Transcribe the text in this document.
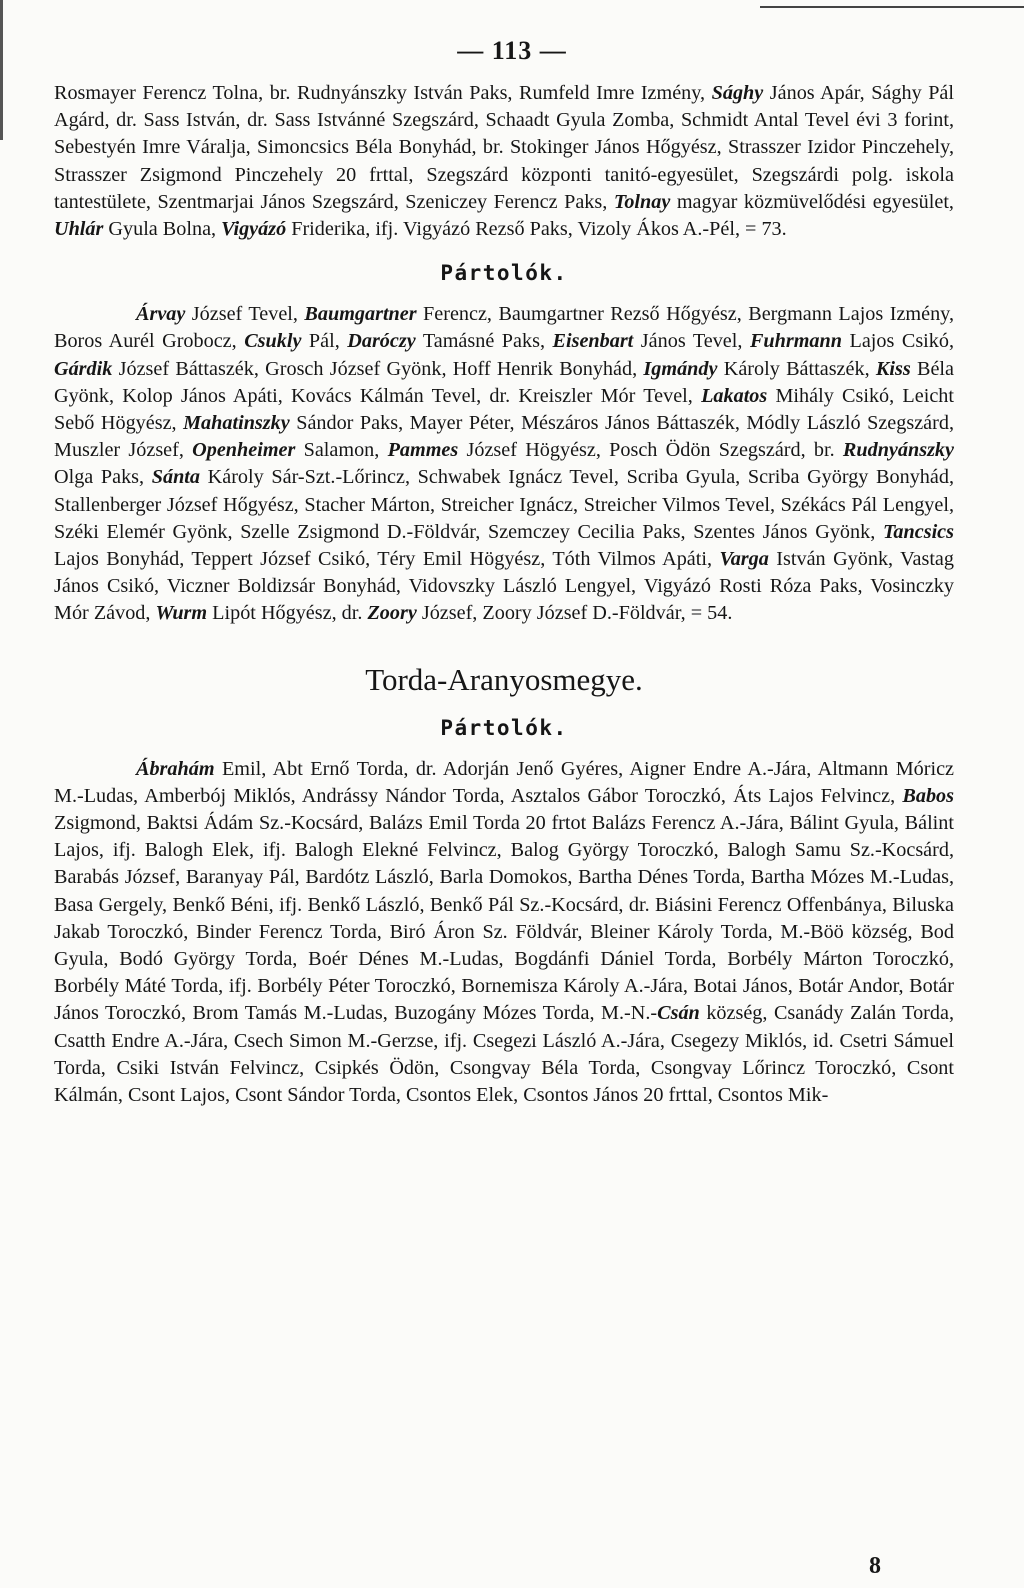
— 113 —

Rosmayer Ferencz Tolna, br. Rudnyánszky István Paks, Rumfeld Imre Izmény, Sághy János Apár, Sághy Pál Agárd, dr. Sass István, dr. Sass Istvánné Szegszárd, Schaadt Gyula Zomba, Schmidt Antal Tevel évi 3 forint, Sebestyén Imre Váralja, Simoncsics Béla Bonyhád, br. Stokinger János Hőgyész, Strasszer Izidor Pinczehely, Strasszer Zsigmond Pinczehely 20 frttal, Szegszárd központi tanitó-egyesület, Szegszárdi polg. iskola tantestülete, Szentmarjai János Szegszárd, Szeniczey Ferencz Paks, Tolnay magyar közmüvelődési egyesület, Uhlár Gyula Bolna, Vigyázó Friderika, ifj. Vigyázó Rezső Paks, Vizoly Ákos A.-Pél, = 73.

Pártolók.

Árvay József Tevel, Baumgartner Ferencz, Baumgartner Rezső Hőgyész, Bergmann Lajos Izmény, Boros Aurél Grobocz, Csukly Pál, Daróczy Tamásné Paks, Eisenbart János Tevel, Fuhrmann Lajos Csikó, Gárdik József Báttaszék, Grosch József Gyönk, Hoff Henrik Bonyhád, Igmándy Károly Báttaszék, Kiss Béla Gyönk, Kolop János Apáti, Kovács Kálmán Tevel, dr. Kreiszler Mór Tevel, Lakatos Mihály Csikó, Leicht Sebő Högyész, Mahatinszky Sándor Paks, Mayer Péter, Mészáros János Báttaszék, Módly László Szegszárd, Muszler József, Openheimer Salamon, Pammes József Högyész, Posch Ödön Szegszárd, br. Rudnyánszky Olga Paks, Sánta Károly Sár-Szt.-Lőrincz, Schwabek Ignácz Tevel, Scriba Gyula, Scriba György Bonyhád, Stallenberger József Hőgyész, Stacher Márton, Streicher Ignácz, Streicher Vilmos Tevel, Székács Pál Lengyel, Széki Elemér Gyönk, Szelle Zsigmond D.-Földvár, Szemczey Cecilia Paks, Szentes János Gyönk, Tancsics Lajos Bonyhád, Teppert József Csikó, Téry Emil Högyész, Tóth Vilmos Apáti, Varga István Gyönk, Vastag János Csikó, Viczner Boldizsár Bonyhád, Vidovszky László Lengyel, Vigyázó Rosti Róza Paks, Vosinczky Mór Závod, Wurm Lipót Hőgyész, dr. Zoory József, Zoory József D.-Földvár, = 54.

Torda-Aranyosmegye.
Pártolók.

Ábrahám Emil, Abt Ernő Torda, dr. Adorján Jenő Gyéres, Aigner Endre A.-Jára, Altmann Móricz M.-Ludas, Amberbój Miklós, Andrássy Nándor Torda, Asztalos Gábor Toroczkó, Áts Lajos Felvincz, Babos Zsigmond, Baktsi Ádám Sz.-Kocsárd, Balázs Emil Torda 20 frtot Balázs Ferencz A.-Jára, Bálint Gyula, Bálint Lajos, ifj. Balogh Elek, ifj. Balogh Elekné Felvincz, Balog György Toroczkó, Balogh Samu Sz.-Kocsárd, Barabás József, Baranyay Pál, Bardótz László, Barla Domokos, Bartha Dénes Torda, Bartha Mózes M.-Ludas, Basa Gergely, Benkő Béni, ifj. Benkő László, Benkő Pál Sz.-Kocsárd, dr. Biásini Ferencz Offenbánya, Biluska Jakab Toroczkó, Binder Ferencz Torda, Biró Áron Sz. Földvár, Bleiner Károly Torda, M.-Böö község, Bod Gyula, Bodó György Torda, Boér Dénes M.-Ludas, Bogdánfi Dániel Torda, Borbély Márton Toroczkó, Borbély Máté Torda, ifj. Borbély Péter Toroczkó, Bornemisza Károly A.-Jára, Botai János, Botár Andor, Botár János Toroczkó, Brom Tamás M.-Ludas, Buzogány Mózes Torda, M.-N.-Csán község, Csanády Zalán Torda, Csatth Endre A.-Jára, Csech Simon M.-Gerzse, ifj. Csegezi László A.-Jára, Csegezy Miklós, id. Csetri Sámuel Torda, Csiki István Felvincz, Csipkés Ödön, Csongvay Béla Torda, Csongvay Lőrincz Toroczkó, Csont Kálmán, Csont Lajos, Csont Sándor Torda, Csontos Elek, Csontos János 20 frttal, Csontos Mik-

8
